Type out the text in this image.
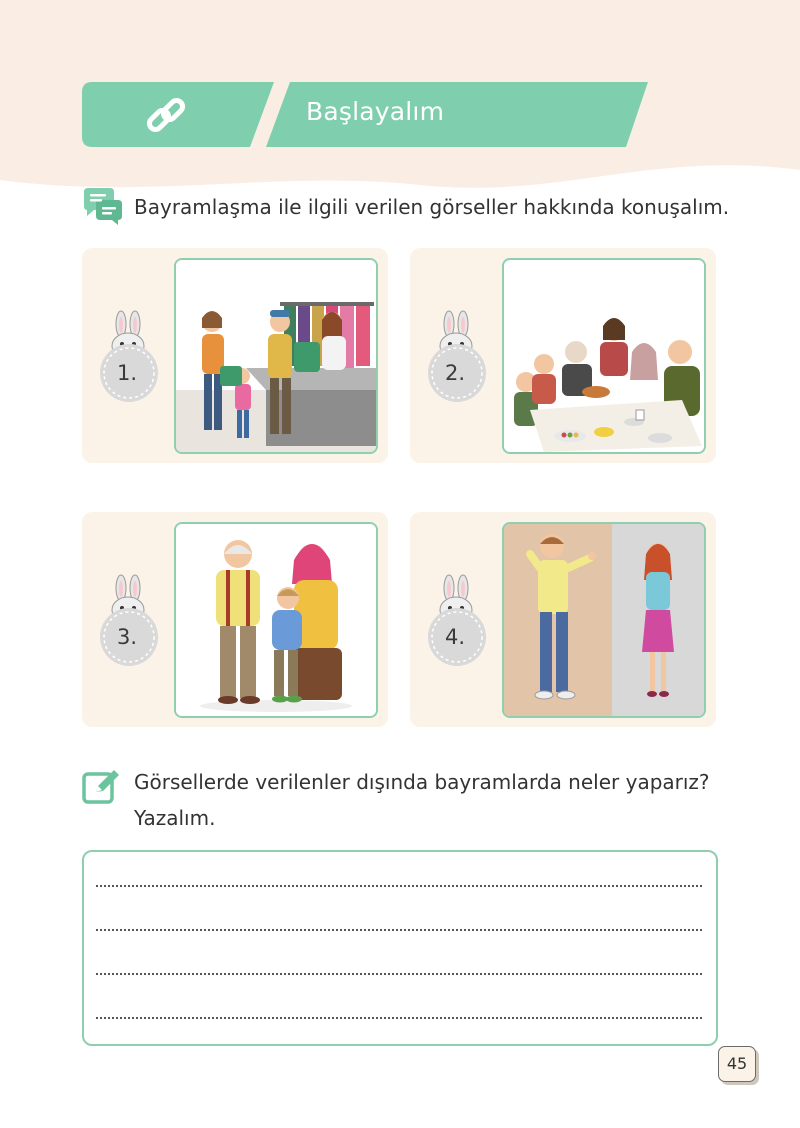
Başlayalım
Bayramlaşma ile ilgili verilen görseller hakkında konuşalım.
1.	2.
3.	4.
Görsellerde verilenler dışında bayramlarda neler yaparız? Yazalım.
45
